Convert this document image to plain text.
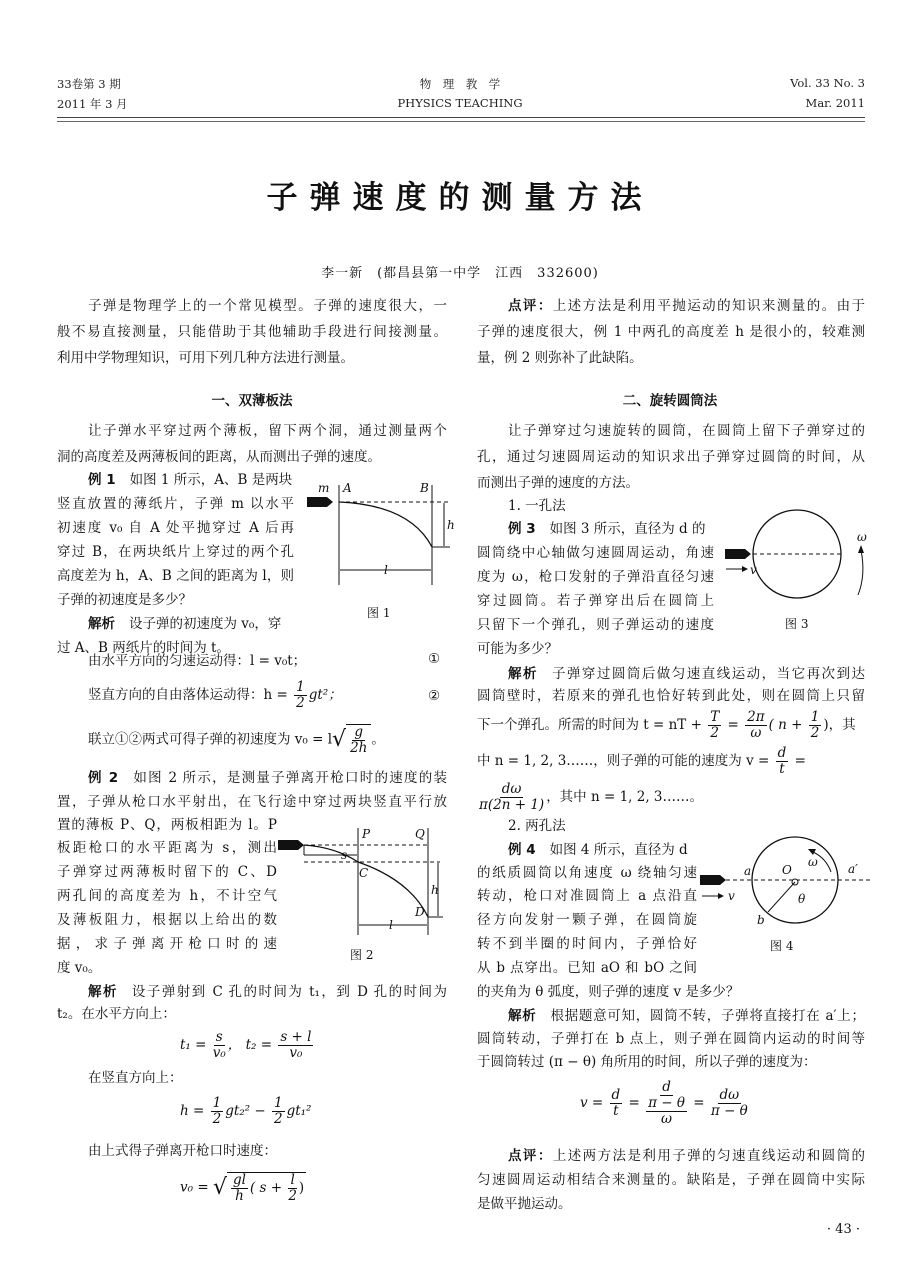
33卷第 3 期
2011 年 3 月
物　理　教　学
PHYSICS TEACHING
Vol. 33 No. 3
Mar. 2011
子弹速度的测量方法
李一新　(都昌县第一中学　江西　332600)
子弹是物理学上的一个常见模型。子弹的速度很大，一
般不易直接测量，只能借助于其他辅助手段进行间接测量。
利用中学物理知识，可用下列几种方法进行测量。
一、双薄板法
让子弹水平穿过两个薄板，留下两个洞，通过测量两个
洞的高度差及两薄板间的距离，从而测出子弹的速度。
例 1 如图 1 所示，A、B 是两块
竖直放置的薄纸片，子弹 m 以水平
初速度 v₀ 自 A 处平抛穿过 A 后再
穿过 B，在两块纸片上穿过的两个孔
高度差为 h，A、B 之间的距离为 l，则
子弹的初速度是多少？
解析 设子弹的初速度为 v₀，穿
过 A、B 两纸片的时间为 t。
m A	B
h
l
图 1
由水平方向的匀速运动得：l = v₀t；	①
竖直方向的自由落体运动得：$h = \frac{1}{2} gt^2$；	②
联立①②两式可得子弹的初速度为 v₀ = l √ $\frac{g}{2h}$ 。
例 2 如图 2 所示，是测量子弹离开枪口时的速度的装
置，子弹从枪口水平射出，在飞行途中穿过两块竖直平行放
置的薄板 P、Q，两板相距为 l。P
板距枪口的水平距离为 s，测出
子弹穿过两薄板时留下的 C、D
两孔间的高度差为 h，不计空气
及薄板阻力，根据以上给出的数
据，求子弹离开枪口时的速
度 v₀。
P	Q
s
C
D
h
l
图 2
解析 设子弹射到 C 孔的时间为 t₁，到 D 孔的时间为
t₂。在水平方向上：
$t_1 = \frac{s}{\text{v₀}}$ ， $t_2 = \frac{s + l}{\text{v₀}}$
在竖直方向上：
$h = \frac{1}{2} gt_2^2 - \frac{1}{2} gt_1^2$
由上式得子弹离开枪口时速度：
v₀ = √ $\frac{gl}{h}$ ( $s + \frac{l}{2}$ )
点评：上述方法是利用平抛运动的知识来测量的。由于
子弹的速度很大，例 1 中两孔的高度差 h 是很小的，较难测
量，例 2 则弥补了此缺陷。
二、旋转圆筒法
让子弹穿过匀速旋转的圆筒，在圆筒上留下子弹穿过的
孔，通过匀速圆周运动的知识求出子弹穿过圆筒的时间，从
而测出子弹的速度的方法。
1. 一孔法
例 3 如图 3 所示，直径为 d 的
圆筒绕中心轴做匀速圆周运动，角速
度为 ω，枪口发射的子弹沿直径匀速
穿过圆筒。若子弹穿出后在圆筒上
只留下一个弹孔，则子弹运动的速度
可能为多少？
v
ω
图 3
解析 子弹穿过圆筒后做匀速直线运动，当它再次到达
圆筒壁时，若原来的弹孔也恰好转到此处，则在圆筒上只留
下一个弹孔。所需的时间为 t = nT + $\frac{T}{2} = \frac{2\pi}{\omega}$ ( $n + \frac{1}{2}$ )，其
中 n = 1, 2, 3……，则子弹的可能的速度为 $v = \frac{d}{t}$ =
$\frac{d\omega}{\pi(2n + 1)}$ ，其中 n = 1, 2, 3……。
2. 两孔法
例 4 如图 4 所示，直径为 d
的纸质圆筒以角速度 ω 绕轴匀速
转动，枪口对准圆筒上 a 点沿直
径方向发射一颗子弹，在圆筒旋
转不到半圈的时间内，子弹恰好
从 b 点穿出。已知 aO 和 bO 之间
的夹角为 θ 弧度，则子弹的速度 v 是多少？
v
a	a′
O
ω
θ
b
图 4
解析 根据题意可知，圆筒不转，子弹将直接打在 a′上；
圆筒转动，子弹打在 b 点上，则子弹在圆筒内运动的时间等
于圆筒转过 (π − θ) 角所用的时间，所以子弹的速度为：
$v = \frac{d}{t} = \frac{d}{\frac{\pi - \theta}{\omega}} = \frac{d\omega}{\pi - \theta}$
点评：上述两方法是利用子弹的匀速直线运动和圆筒的
匀速圆周运动相结合来测量的。缺陷是，子弹在圆筒中实际
是做平抛运动。
· 43 ·
